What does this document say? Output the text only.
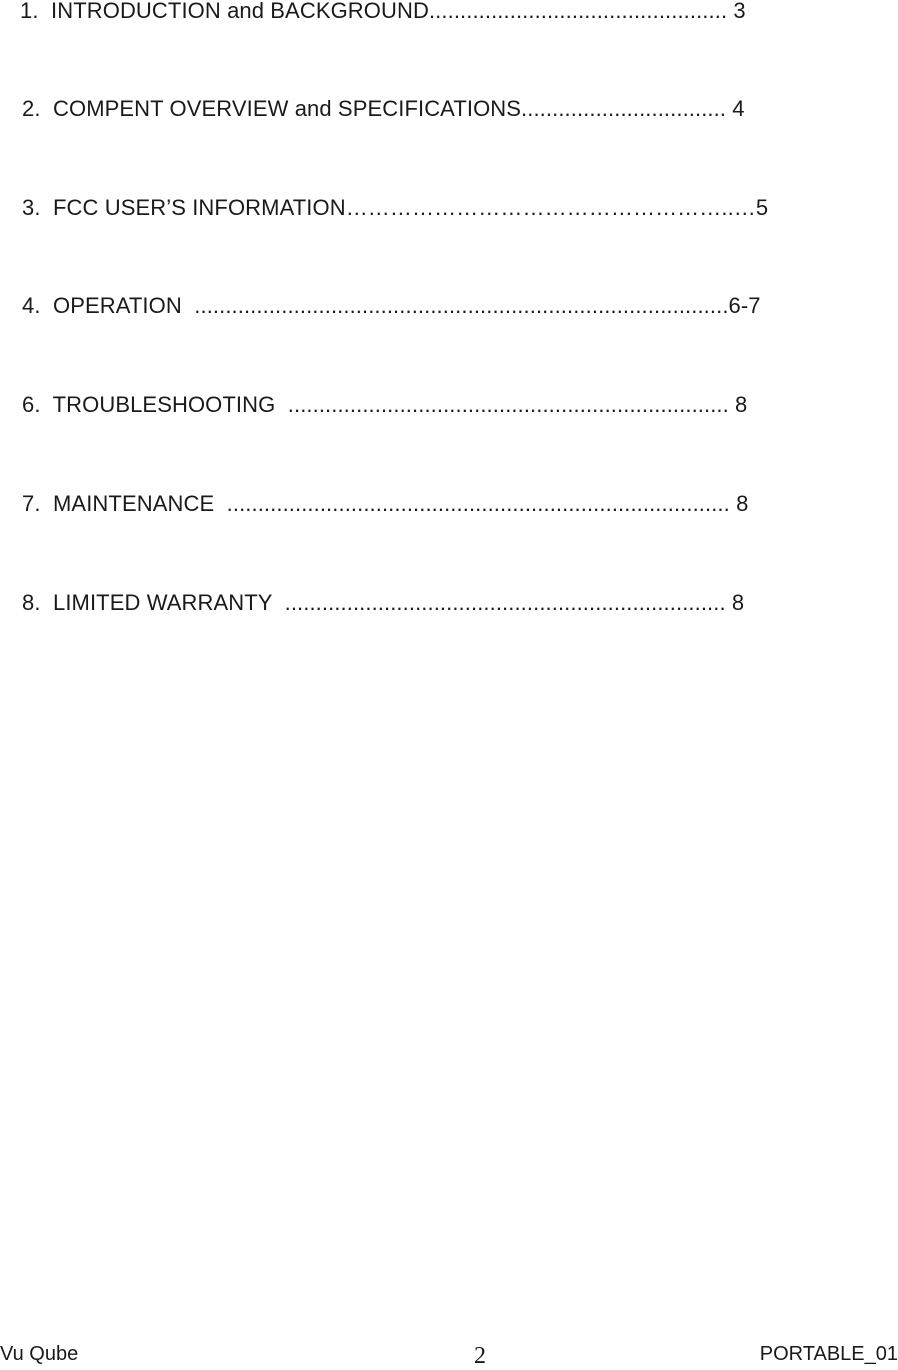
1. INTRODUCTION and BACKGROUND................................................ 3
2. COMPENT OVERVIEW and SPECIFICATIONS................................. 4
3. FCC USER’S INFORMATION……………………………………………..…5
4. OPERATION  ......................................................................................6-7
6. TROUBLESHOOTING  ....................................................................... 8
7. MAINTENANCE  ................................................................................. 8
8. LIMITED WARRANTY  ....................................................................... 8
Vu Qube	2	PORTABLE_01
